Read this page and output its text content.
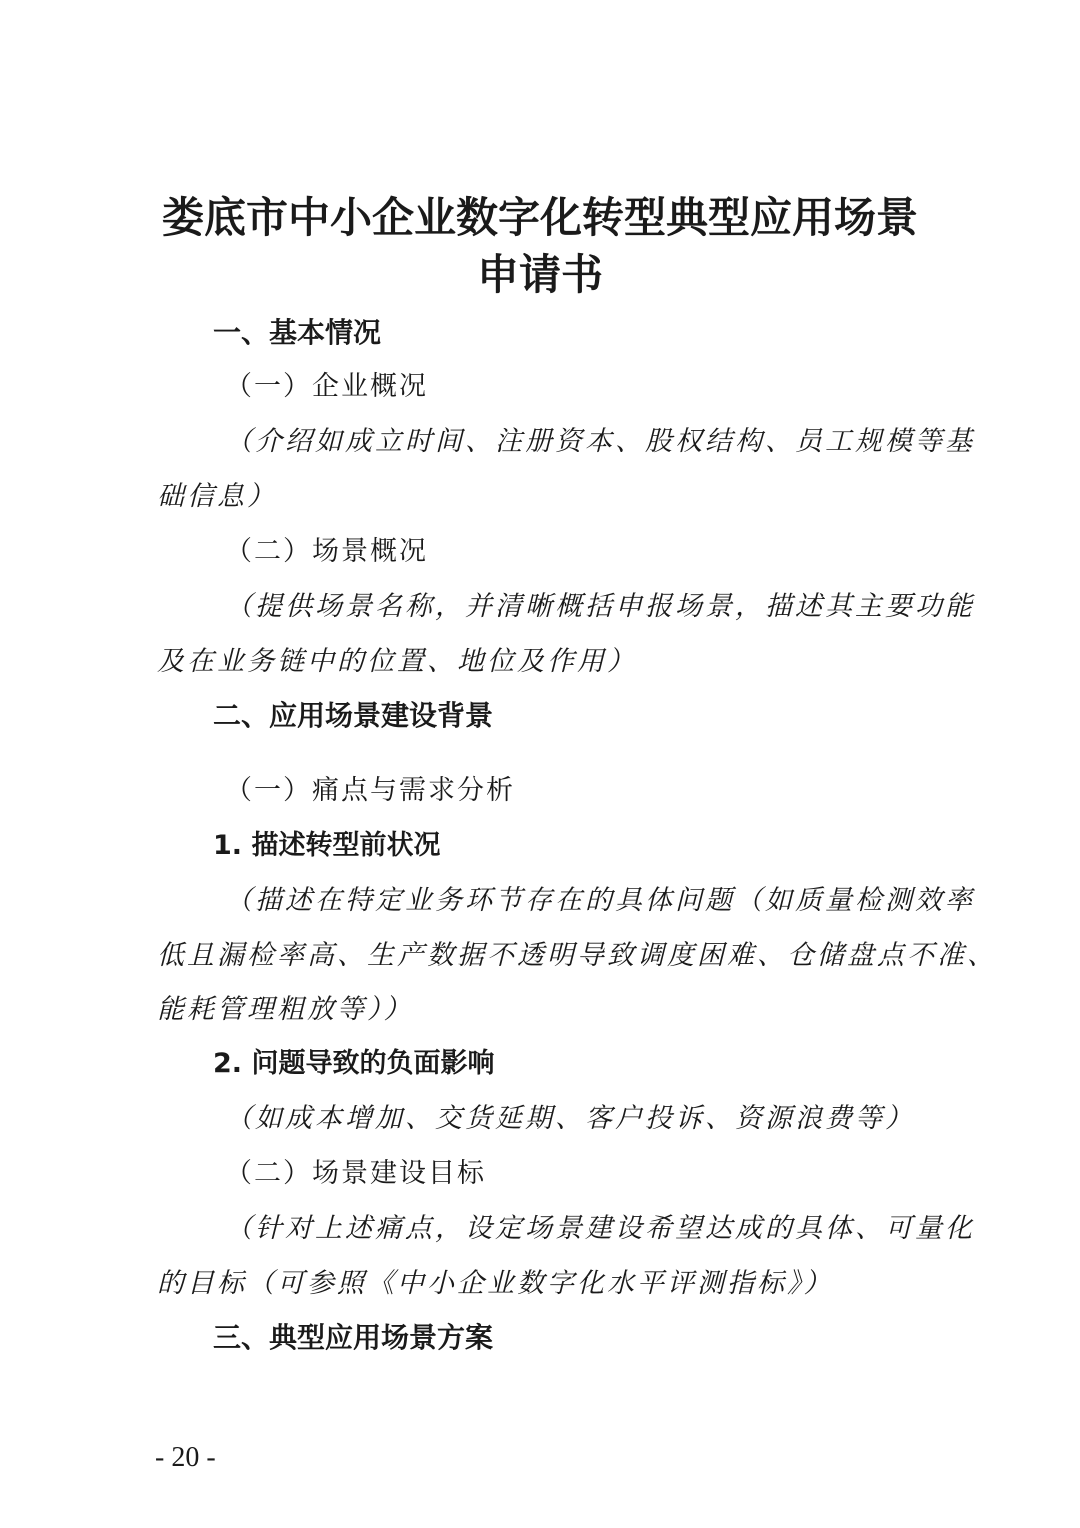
娄底市中小企业数字化转型典型应用场景
申请书
一、基本情况
（一）企业概况
（介绍如成立时间、注册资本、股权结构、员工规模等基
础信息）
（二）场景概况
（提供场景名称，并清晰概括申报场景，描述其主要功能
及在业务链中的位置、地位及作用）
二、应用场景建设背景
（一）痛点与需求分析
1. 描述转型前状况
（描述在特定业务环节存在的具体问题（如质量检测效率
低且漏检率高、生产数据不透明导致调度困难、仓储盘点不准、
能耗管理粗放等））
2. 问题导致的负面影响
（如成本增加、交货延期、客户投诉、资源浪费等）
（二）场景建设目标
（针对上述痛点，设定场景建设希望达成的具体、可量化
的目标（可参照《中小企业数字化水平评测指标》）
三、典型应用场景方案
- 20 -
